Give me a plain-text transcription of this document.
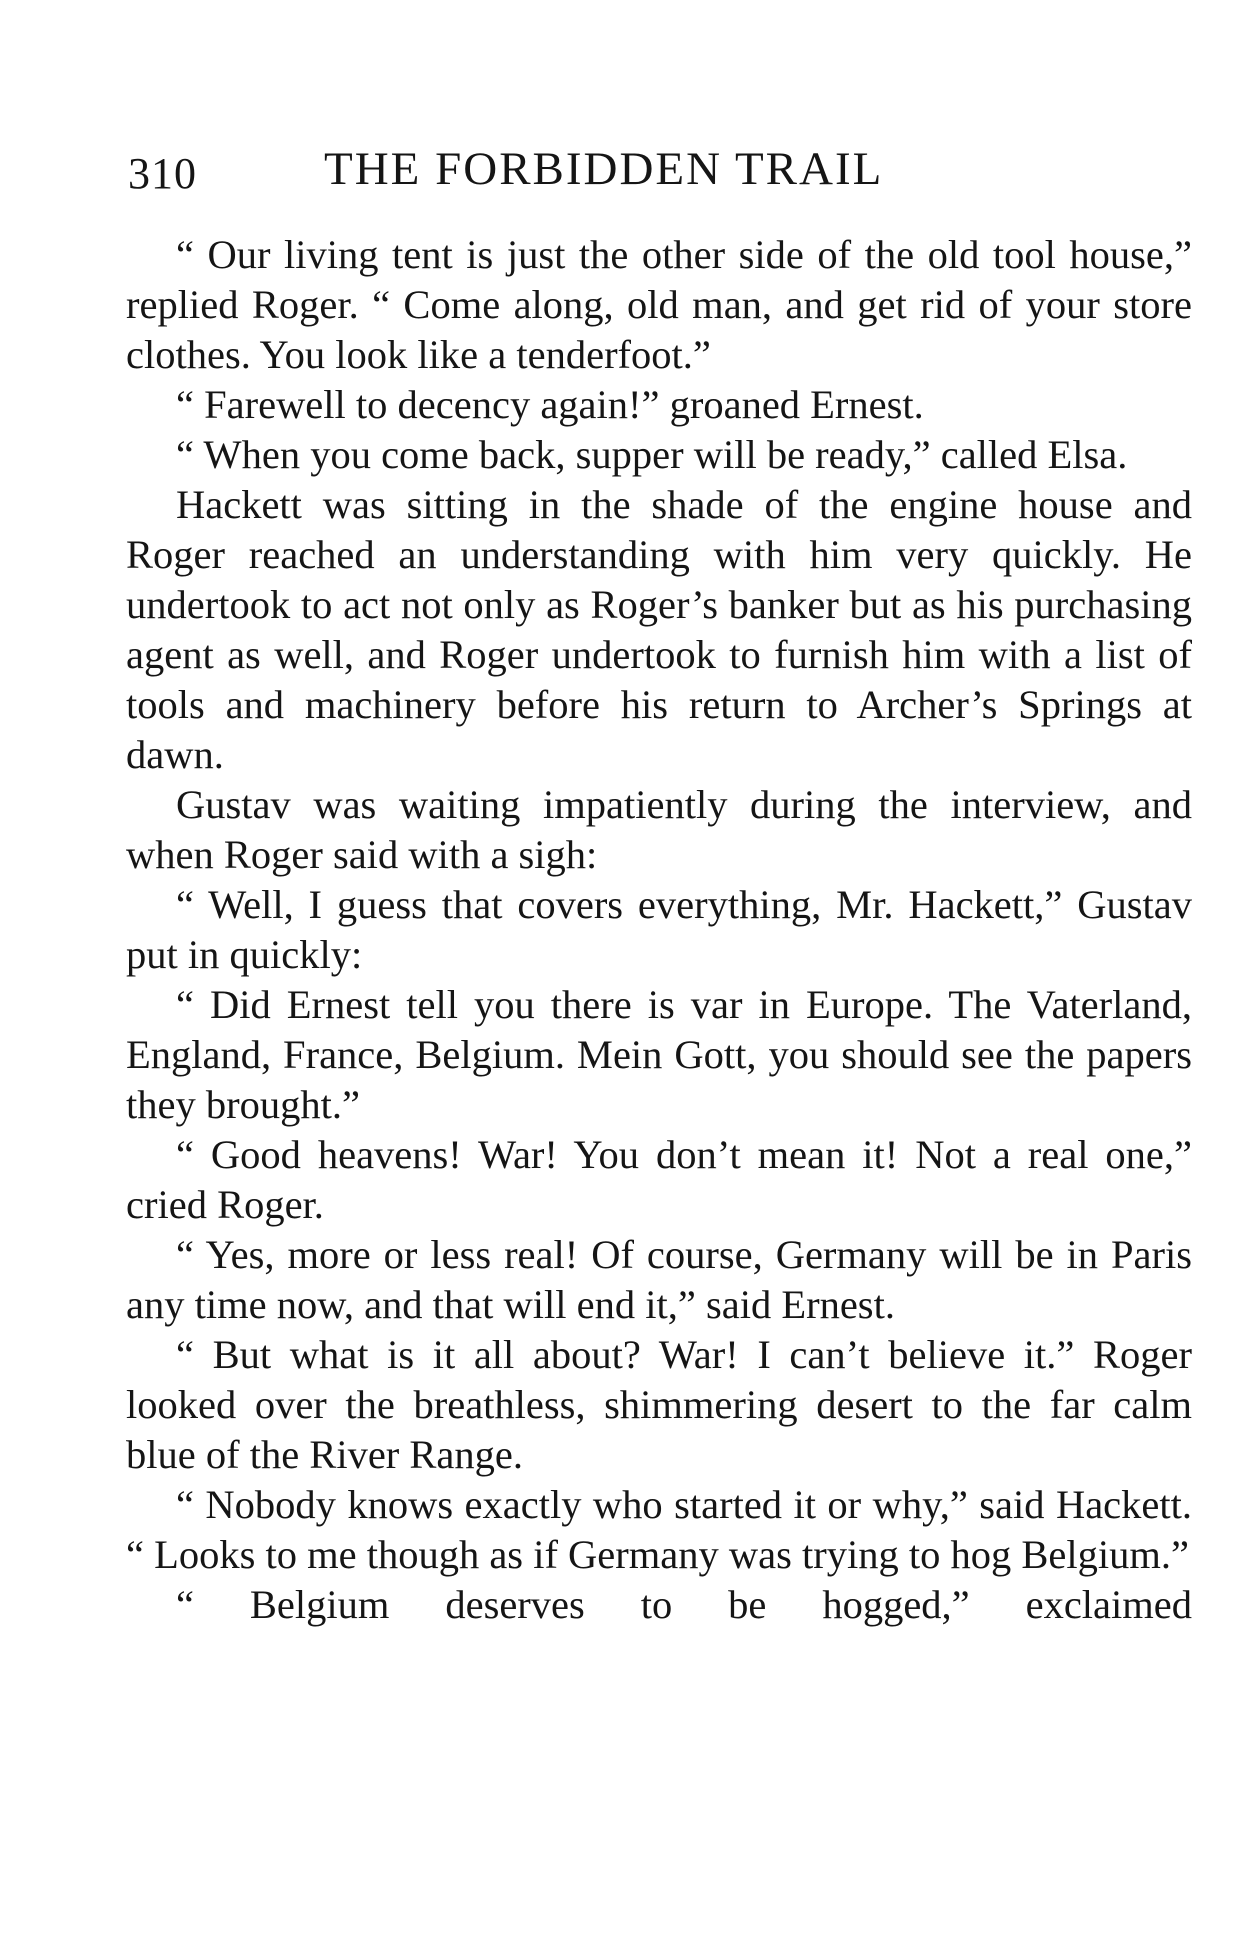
310	THE FORBIDDEN TRAIL

“ Our living tent is just the other side of the old tool house,” replied Roger. “ Come along, old man, and get rid of your store clothes. You look like a tenderfoot.”

“ Farewell to decency again!” groaned Ernest.

“ When you come back, supper will be ready,” called Elsa.

Hackett was sitting in the shade of the engine house and Roger reached an understanding with him very quickly. He undertook to act not only as Roger’s banker but as his purchasing agent as well, and Roger undertook to furnish him with a list of tools and machinery before his return to Archer’s Springs at dawn.

Gustav was waiting impatiently during the interview, and when Roger said with a sigh:

“ Well, I guess that covers everything, Mr. Hackett,” Gustav put in quickly:

“ Did Ernest tell you there is var in Europe. The Vaterland, England, France, Belgium. Mein Gott, you should see the papers they brought.”

“ Good heavens! War! You don’t mean it! Not a real one,” cried Roger.

“ Yes, more or less real! Of course, Germany will be in Paris any time now, and that will end it,” said Ernest.

“ But what is it all about? War! I can’t believe it.” Roger looked over the breathless, shimmering desert to the far calm blue of the River Range.

“ Nobody knows exactly who started it or why,” said Hackett. “ Looks to me though as if Germany was trying to hog Belgium.”

“ Belgium deserves to be hogged,” exclaimed
